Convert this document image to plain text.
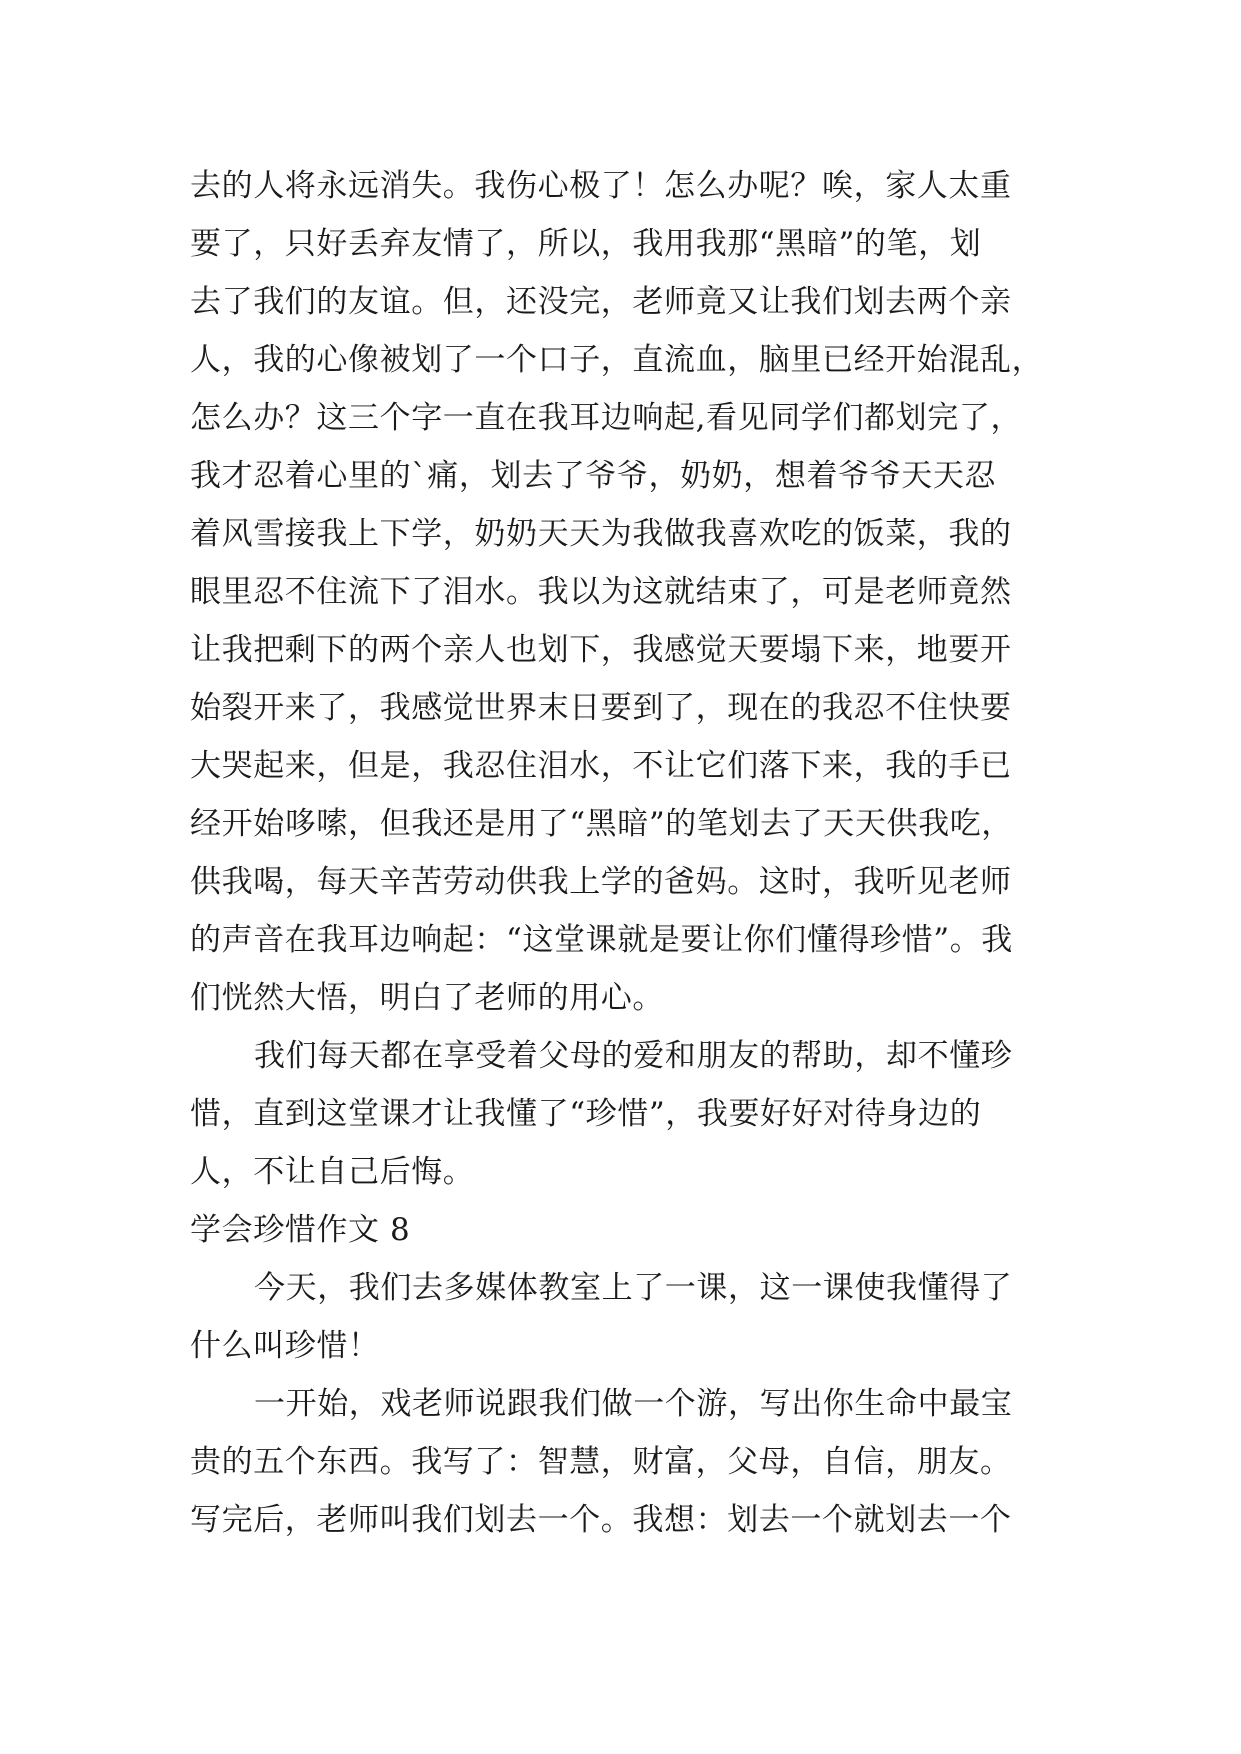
去的人将永远消失。我伤心极了！怎么办呢？唉，家人太重
要了，只好丢弃友情了，所以，我用我那“黑暗”的笔，划
去了我们的友谊。但，还没完，老师竟又让我们划去两个亲
人，我的心像被划了一个口子，直流血，脑里已经开始混乱，
怎么办？这三个字一直在我耳边响起,看见同学们都划完了，
我才忍着心里的`痛，划去了爷爷，奶奶，想着爷爷天天忍
着风雪接我上下学，奶奶天天为我做我喜欢吃的饭菜，我的
眼里忍不住流下了泪水。我以为这就结束了，可是老师竟然
让我把剩下的两个亲人也划下，我感觉天要塌下来，地要开
始裂开来了，我感觉世界末日要到了，现在的我忍不住快要
大哭起来，但是，我忍住泪水，不让它们落下来，我的手已
经开始哆嗦，但我还是用了“黑暗”的笔划去了天天供我吃，
供我喝，每天辛苦劳动供我上学的爸妈。这时，我听见老师
的声音在我耳边响起：“这堂课就是要让你们懂得珍惜”。我
们恍然大悟，明白了老师的用心。
我们每天都在享受着父母的爱和朋友的帮助，却不懂珍
惜，直到这堂课才让我懂了“珍惜”，我要好好对待身边的
人，不让自己后悔。
学会珍惜作文 8
今天，我们去多媒体教室上了一课，这一课使我懂得了
什么叫珍惜！
一开始，戏老师说跟我们做一个游，写出你生命中最宝
贵的五个东西。我写了：智慧，财富，父母，自信，朋友。
写完后，老师叫我们划去一个。我想：划去一个就划去一个
